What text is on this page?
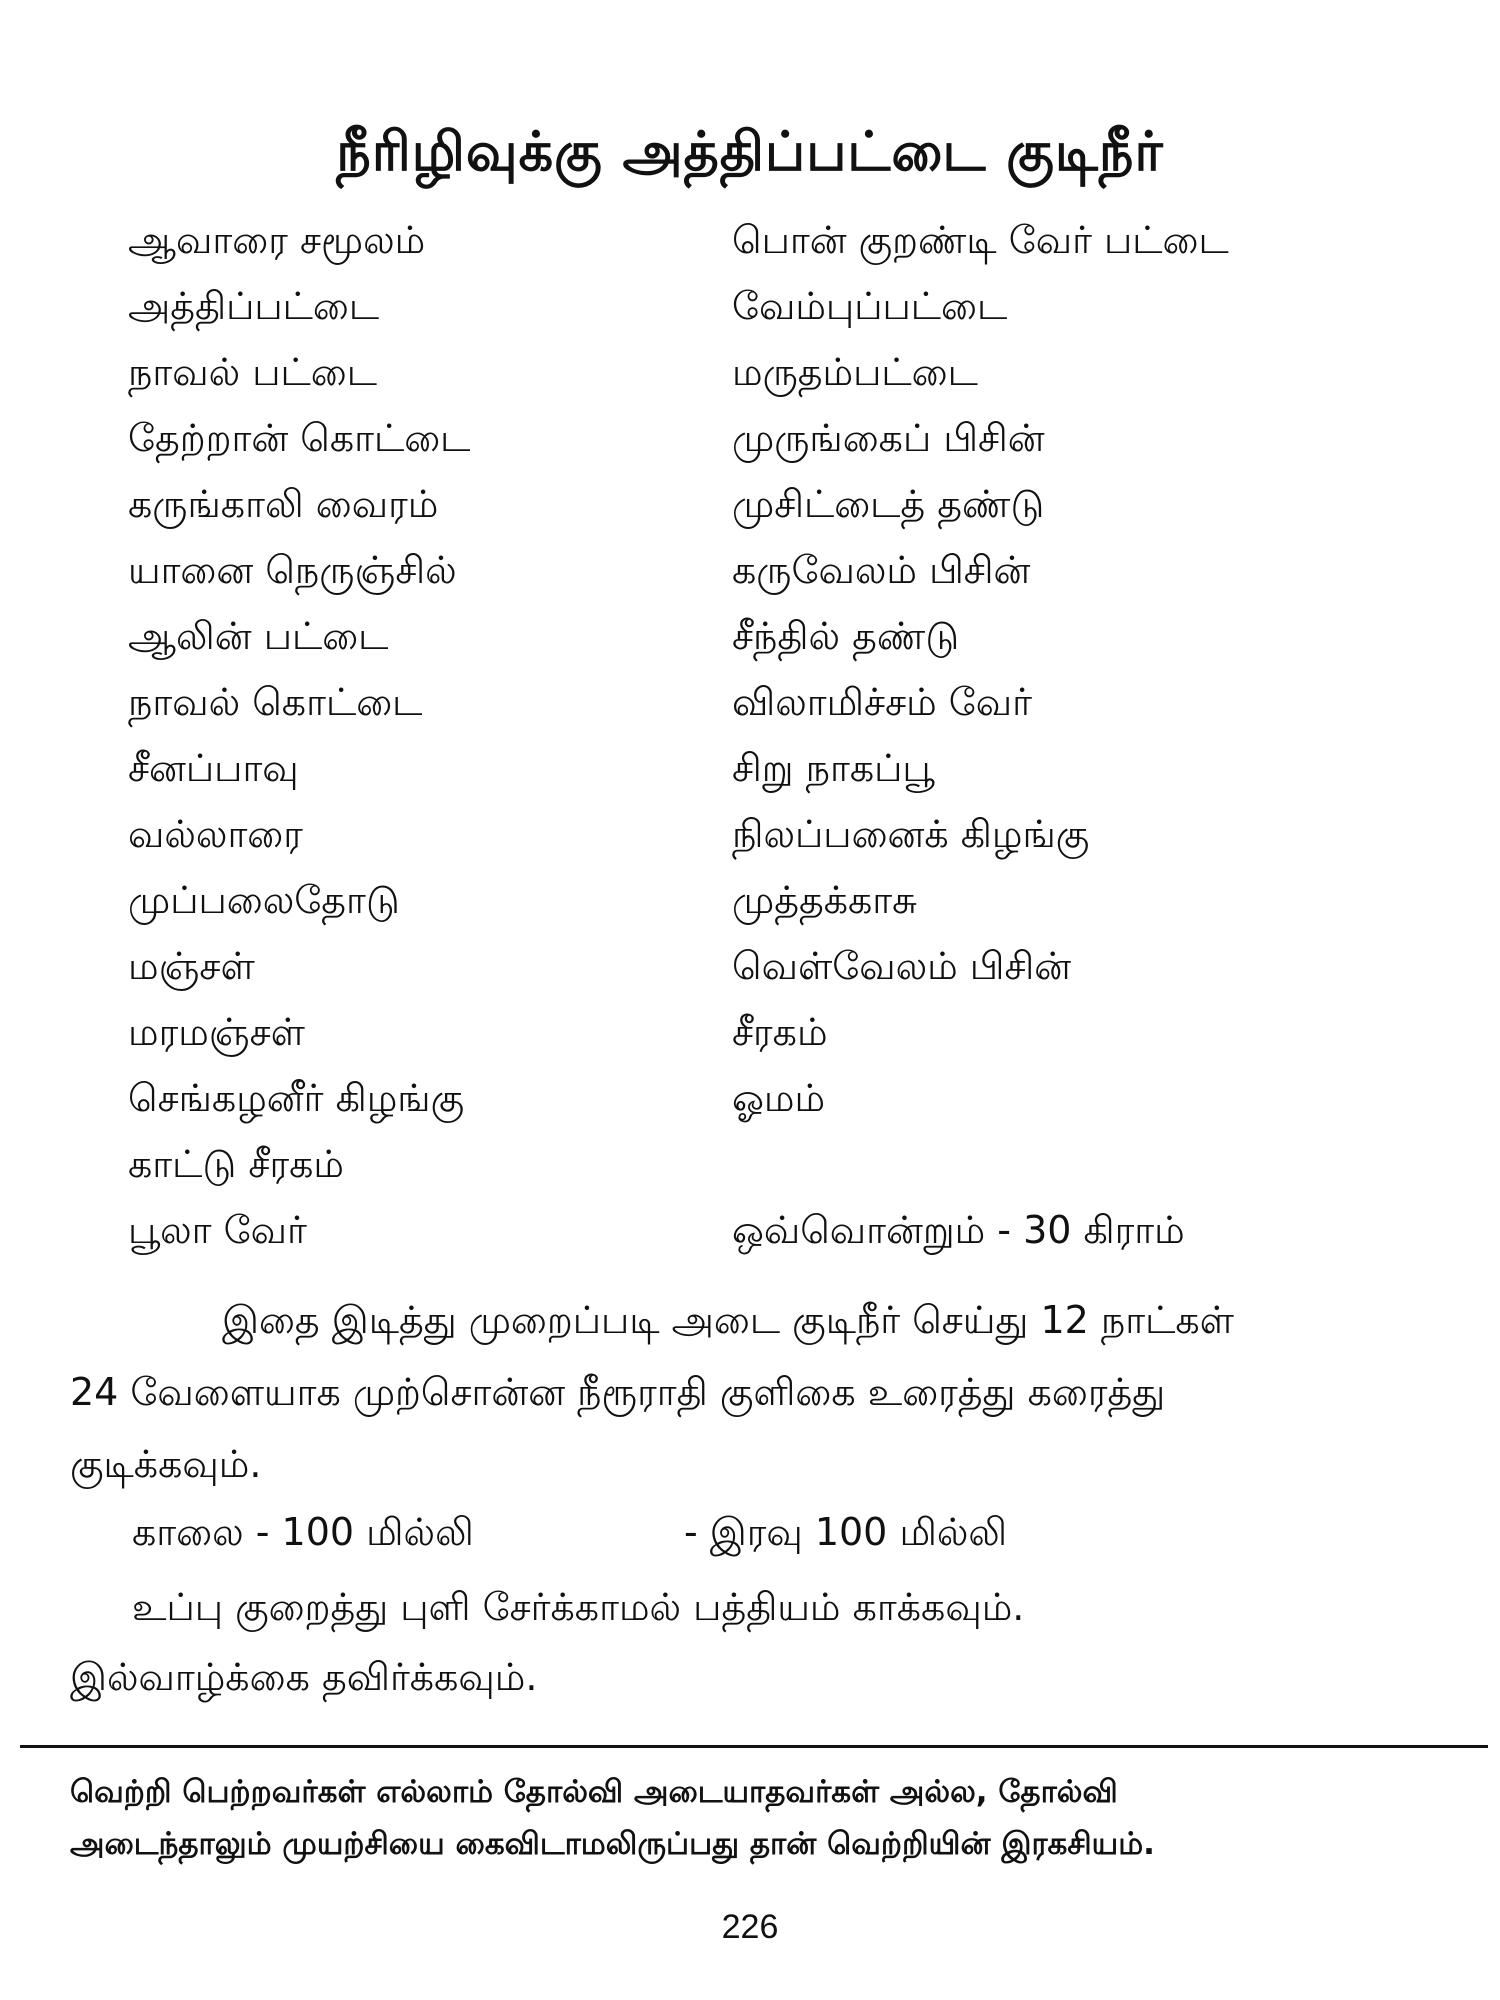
நீரிழிவுக்கு அத்திப்பட்டை குடிநீர்
ஆவாரை சமூலம்	பொன் குறண்டி வேர் பட்டை
அத்திப்பட்டை	வேம்புப்பட்டை
நாவல் பட்டை	மருதம்பட்டை
தேற்றான் கொட்டை	முருங்கைப் பிசின்
கருங்காலி வைரம்	முசிட்டைத் தண்டு
யானை நெருஞ்சில்	கருவேலம் பிசின்
ஆலின் பட்டை	சீந்தில் தண்டு
நாவல் கொட்டை	விலாமிச்சம் வேர்
சீனப்பாவு	சிறு நாகப்பூ
வல்லாரை	நிலப்பனைக் கிழங்கு
முப்பலைதோடு	முத்தக்காசு
மஞ்சள்	வெள்வேலம் பிசின்
மரமஞ்சள்	சீரகம்
செங்கழனீர் கிழங்கு	ஓமம்
காட்டு சீரகம்
பூலா வேர்	ஒவ்வொன்றும் - 30 கிராம்
இதை இடித்து முறைப்படி அடை குடிநீர் செய்து 12 நாட்கள்
24 வேளையாக முற்சொன்ன நீரூராதி குளிகை உரைத்து கரைத்து
குடிக்கவும்.
காலை - 100 மில்லி	- இரவு 100 மில்லி
உப்பு குறைத்து புளி சேர்க்காமல் பத்தியம் காக்கவும்.
இல்வாழ்க்கை தவிர்க்கவும்.
வெற்றி பெற்றவர்கள் எல்லாம் தோல்வி அடையாதவர்கள் அல்ல, தோல்வி
அடைந்தாலும் முயற்சியை கைவிடாமலிருப்பது தான் வெற்றியின் இரகசியம்.
226
